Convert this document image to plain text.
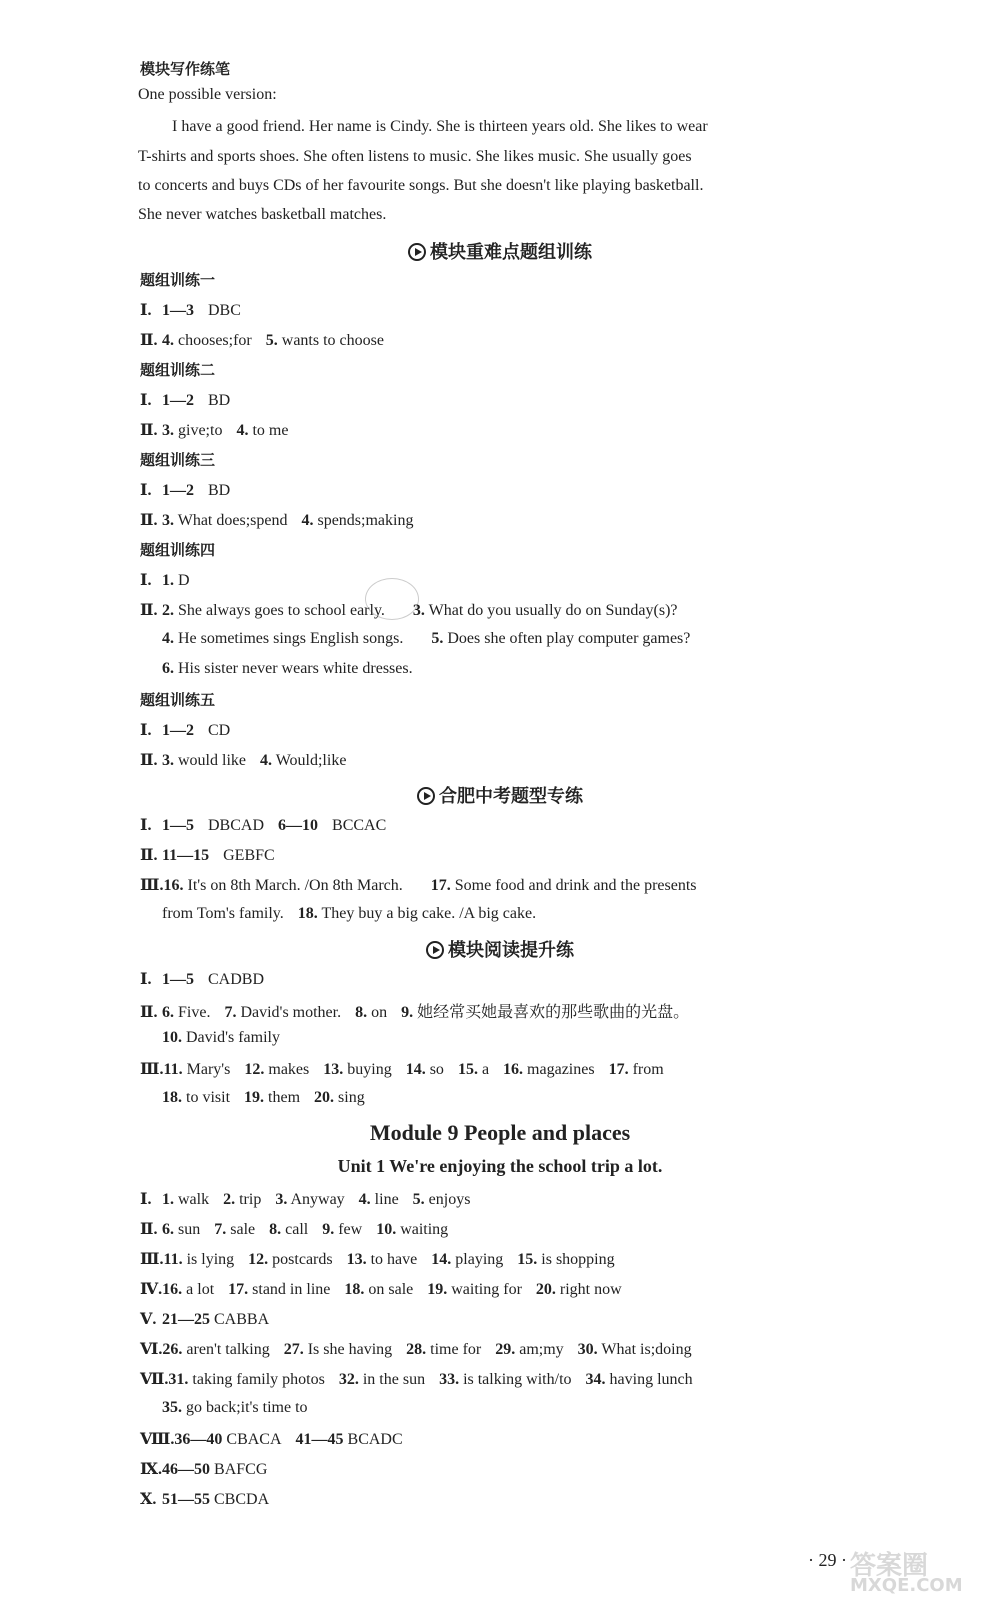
模块写作练笔
One possible version:
I have a good friend. Her name is Cindy. She is thirteen years old. She likes to wear
T-shirts and sports shoes. She often listens to music. She likes music. She usually goes
to concerts and buys CDs of her favourite songs. But she doesn't like playing basketball.
She never watches basketball matches.
模块重难点题组训练
题组训练一
Ⅰ. 1—3 DBC
Ⅱ. 4. chooses;for 5. wants to choose
题组训练二
Ⅰ. 1—2 BD
Ⅱ. 3. give;to 4. to me
题组训练三
Ⅰ. 1—2 BD
Ⅱ. 3. What does;spend 4. spends;making
题组训练四
Ⅰ. 1. D
Ⅱ. 2. She always goes to school early. 3. What do you usually do on Sunday(s)?
4. He sometimes sings English songs. 5. Does she often play computer games?
6. His sister never wears white dresses.
题组训练五
Ⅰ. 1—2 CD
Ⅱ. 3. would like 4. Would;like
合肥中考题型专练
Ⅰ. 1—5 DBCAD 6—10 BCCAC
Ⅱ. 11—15 GEBFC
Ⅲ.16. It's on 8th March. /On 8th March. 17. Some food and drink and the presents
from Tom's family. 18. They buy a big cake. /A big cake.
模块阅读提升练
Ⅰ. 1—5 CADBD
Ⅱ. 6. Five. 7. David's mother. 8. on 9. 她经常买她最喜欢的那些歌曲的光盘。
10. David's family
Ⅲ.11. Mary's 12. makes 13. buying 14. so 15. a 16. magazines 17. from
18. to visit 19. them 20. sing
Module 9 People and places
Unit 1 We're enjoying the school trip a lot.
Ⅰ. 1. walk 2. trip 3. Anyway 4. line 5. enjoys
Ⅱ. 6. sun 7. sale 8. call 9. few 10. waiting
Ⅲ.11. is lying 12. postcards 13. to have 14. playing 15. is shopping
Ⅳ.16. a lot 17. stand in line 18. on sale 19. waiting for 20. right now
Ⅴ. 21—25 CABBA
Ⅵ.26. aren't talking 27. Is she having 28. time for 29. am;my 30. What is;doing
Ⅶ.31. taking family photos 32. in the sun 33. is talking with/to 34. having lunch
35. go back;it's time to
Ⅷ.36—40 CBACA 41—45 BCADC
Ⅸ.46—50 BAFCG
Ⅹ. 51—55 CBCDA
· 29 · 答案圈
MXQE.COM
